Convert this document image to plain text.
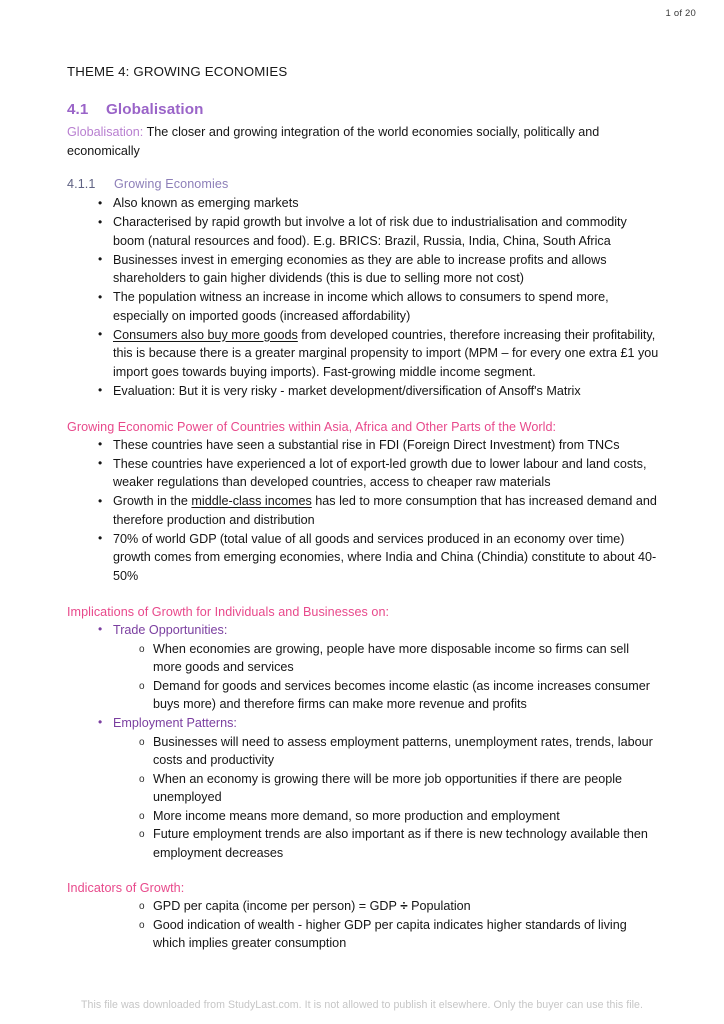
1 of 20
THEME 4: GROWING ECONOMIES
4.1 Globalisation
Globalisation: The closer and growing integration of the world economies socially, politically and economically
4.1.1 Growing Economies
• Also known as emerging markets
• Characterised by rapid growth but involve a lot of risk due to industrialisation and commodity boom (natural resources and food). E.g. BRICS: Brazil, Russia, India, China, South Africa
• Businesses invest in emerging economies as they are able to increase profits and allows shareholders to gain higher dividends (this is due to selling more not cost)
• The population witness an increase in income which allows to consumers to spend more, especially on imported goods (increased affordability)
• Consumers also buy more goods from developed countries, therefore increasing their profitability, this is because there is a greater marginal propensity to import (MPM – for every one extra £1 you import goes towards buying imports). Fast-growing middle income segment.
• Evaluation: But it is very risky - market development/diversification of Ansoff's Matrix
Growing Economic Power of Countries within Asia, Africa and Other Parts of the World:
• These countries have seen a substantial rise in FDI (Foreign Direct Investment) from TNCs
• These countries have experienced a lot of export-led growth due to lower labour and land costs, weaker regulations than developed countries, access to cheaper raw materials
• Growth in the middle-class incomes has led to more consumption that has increased demand and therefore production and distribution
• 70% of world GDP (total value of all goods and services produced in an economy over time) growth comes from emerging economies, where India and China (Chindia) constitute to about 40-50%
Implications of Growth for Individuals and Businesses on:
• Trade Opportunities:
o When economies are growing, people have more disposable income so firms can sell more goods and services
o Demand for goods and services becomes income elastic (as income increases consumer buys more) and therefore firms can make more revenue and profits
• Employment Patterns:
o Businesses will need to assess employment patterns, unemployment rates, trends, labour costs and productivity
o When an economy is growing there will be more job opportunities if there are people unemployed
o More income means more demand, so more production and employment
o Future employment trends are also important as if there is new technology available then employment decreases
Indicators of Growth:
o GPD per capita (income per person) = GDP ÷ Population
o Good indication of wealth - higher GDP per capita indicates higher standards of living which implies greater consumption
This file was downloaded from StudyLast.com. It is not allowed to publish it elsewhere. Only the buyer can use this file.
